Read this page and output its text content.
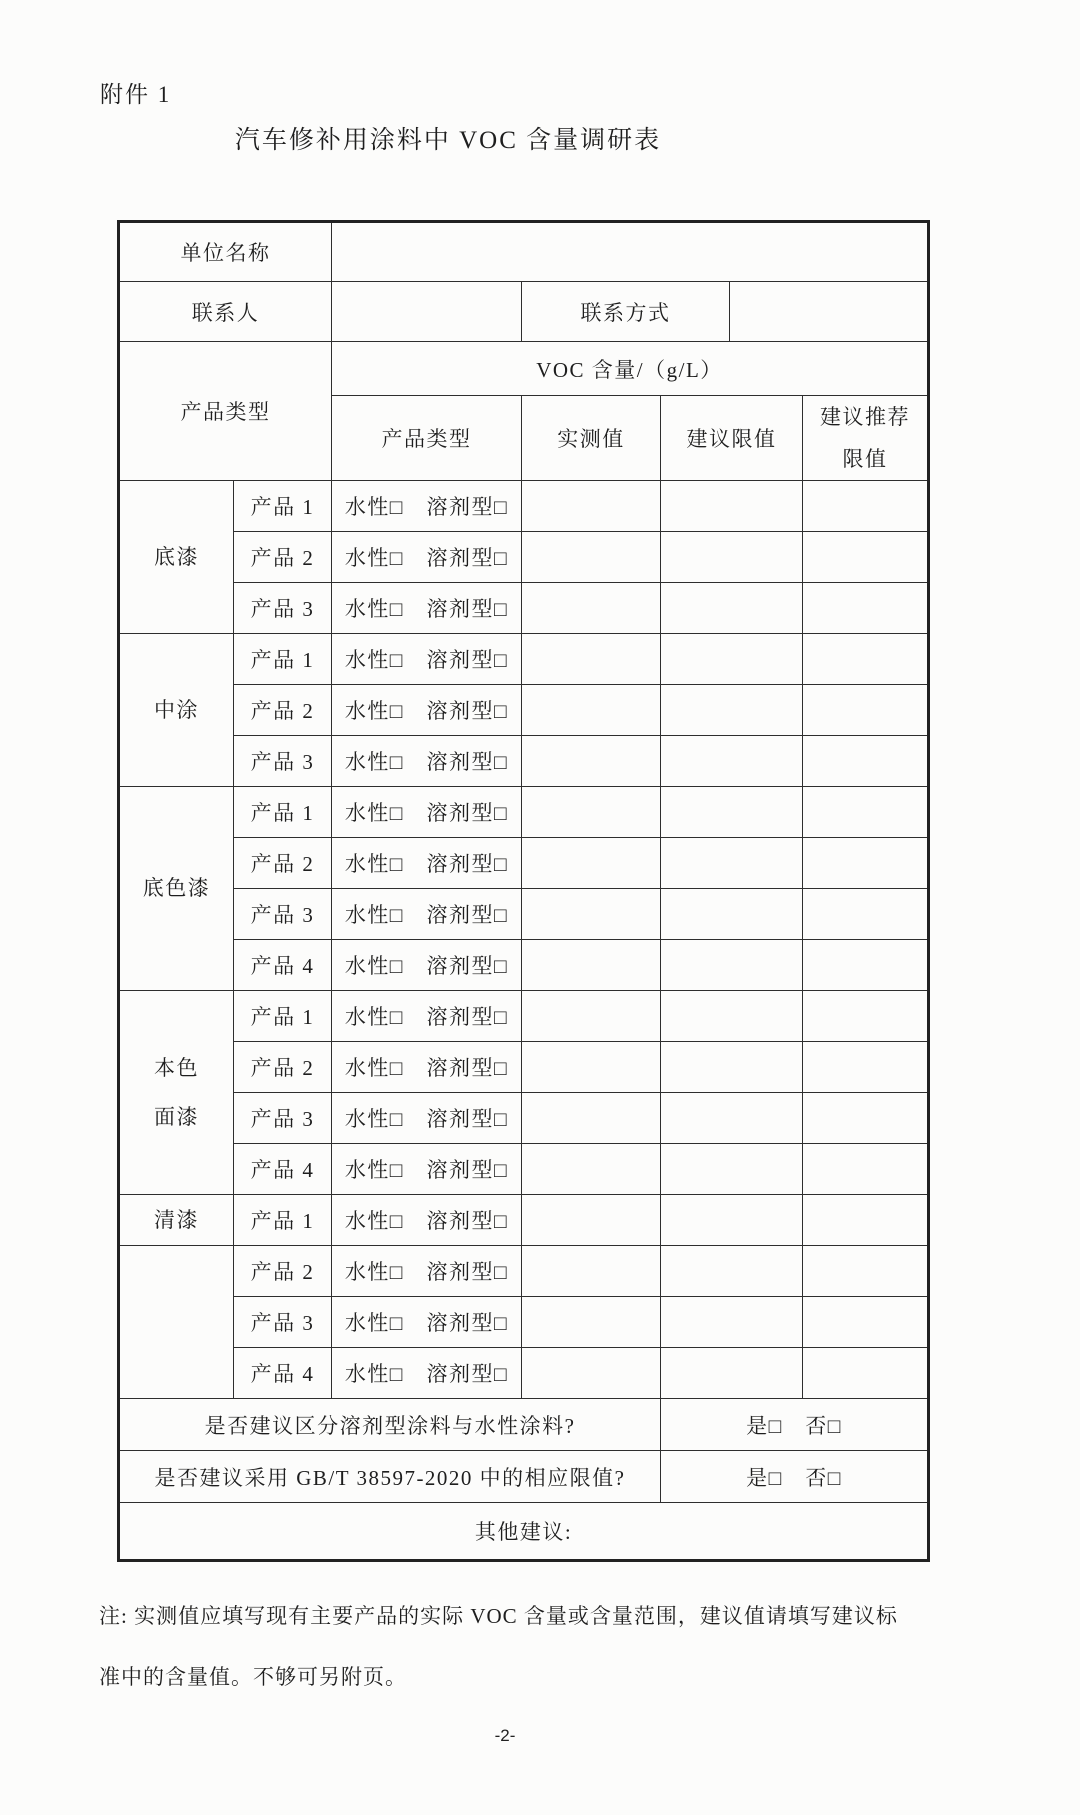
附件 1
汽车修补用涂料中 VOC 含量调研表
单位名称						
联系人			联系方式			
产品类型		VOC 含量/（g/L）				
		产品类型	实测值	建议限值		建议推荐
限值
底漆	产品 1	水性□　溶剂型□				
	产品 2	水性□　溶剂型□				
	产品 3	水性□　溶剂型□				
中涂	产品 1	水性□　溶剂型□				
	产品 2	水性□　溶剂型□				
	产品 3	水性□　溶剂型□				
底色漆	产品 1	水性□　溶剂型□				
	产品 2	水性□　溶剂型□				
	产品 3	水性□　溶剂型□				
	产品 4	水性□　溶剂型□				
本色
面漆	产品 1	水性□　溶剂型□				
	产品 2	水性□　溶剂型□				
	产品 3	水性□　溶剂型□				
	产品 4	水性□　溶剂型□				
清漆	产品 1	水性□　溶剂型□				
	产品 2	水性□　溶剂型□				
	产品 3	水性□　溶剂型□				
	产品 4	水性□　溶剂型□				
是否建议区分溶剂型涂料与水性涂料?				是□　否□		
是否建议采用 GB/T 38597-2020 中的相应限值?				是□　否□		
其他建议:						
注: 实测值应填写现有主要产品的实际 VOC 含量或含量范围，建议值请填写建议标
准中的含量值。不够可另附页。
-2-
